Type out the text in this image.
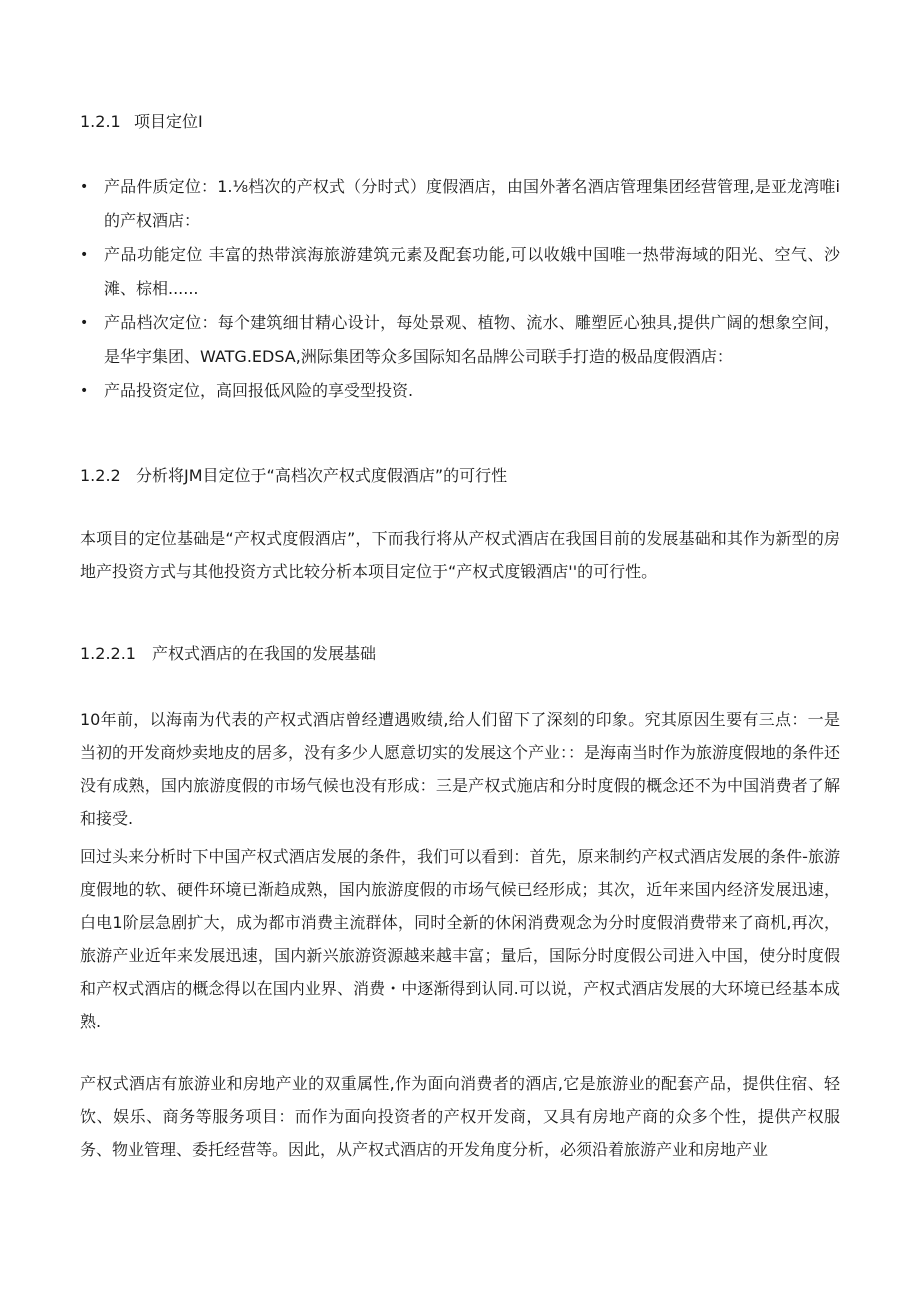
1.2.1 项目定位I
• 产品件质定位：1.⅛档次的产权式（分时式）度假酒店，由国外著名酒店管理集团经营管理,是亚龙湾唯i的产权酒店：
• 产品功能定位 丰富的热带滨海旅游建筑元素及配套功能,可以收娥中国唯一热带海域的阳光、空气、沙滩、棕相......
• 产品档次定位：每个建筑细甘精心设计，每处景观、植物、流水、雕塑匠心独具,提供广阔的想象空间，是华宇集团、WATG.EDSA,洲际集团等众多国际知名品牌公司联手打造的极品度假酒店：
• 产品投资定位，高回报低风险的享受型投资.
1.2.2 分析将JM目定位于“高档次产权式度假酒店”的可行性

本项目的定位基础是“产权式度假酒店”，下而我行将从产权式酒店在我国目前的发展基础和其作为新型的房地产投资方式与其他投资方式比较分析本项目定位于“产权式度锻酒店''的可行性。

1.2.2.1 产权式酒店的在我国的发展基础

10年前，以海南为代表的产权式酒店曾经遭遇败绩,给人们留下了深刻的印象。究其原因生要有三点：一是当初的开发商炒卖地皮的居多，没有多少人愿意切实的发展这个产业：：是海南当时作为旅游度假地的条件还没有成熟，国内旅游度假的市场气候也没有形成：三是产权式施店和分时度假的概念还不为中国消费者了解和接受.

回过头来分析时下中国产权式酒店发展的条件，我们可以看到：首先，原来制约产权式酒店发展的条件-旅游度假地的软、硬件环境已渐趋成熟，国内旅游度假的市场气候已经形成；其次，近年来国内经济发展迅速，白电1阶层急剧扩大，成为都市消费主流群体，同时全新的休闲消费观念为分时度假消费带来了商机,再次，旅游产业近年来发展迅速，国内新兴旅游资源越来越丰富；量后，国际分时度假公司进入中国，使分时度假和产权式酒店的概念得以在国内业界、消费・中逐渐得到认同.可以说，产权式酒店发展的大环境已经基本成熟.

产权式酒店有旅游业和房地产业的双重属性,作为面向消费者的酒店,它是旅游业的配套产品，提供住宿、轻饮、娱乐、商务等服务项目：而作为面向投资者的产权开发商，又具有房地产商的众多个性，提供产权服务、物业管理、委托经营等。因此，从产权式酒店的开发角度分析，必须沿着旅游产业和房地产业
